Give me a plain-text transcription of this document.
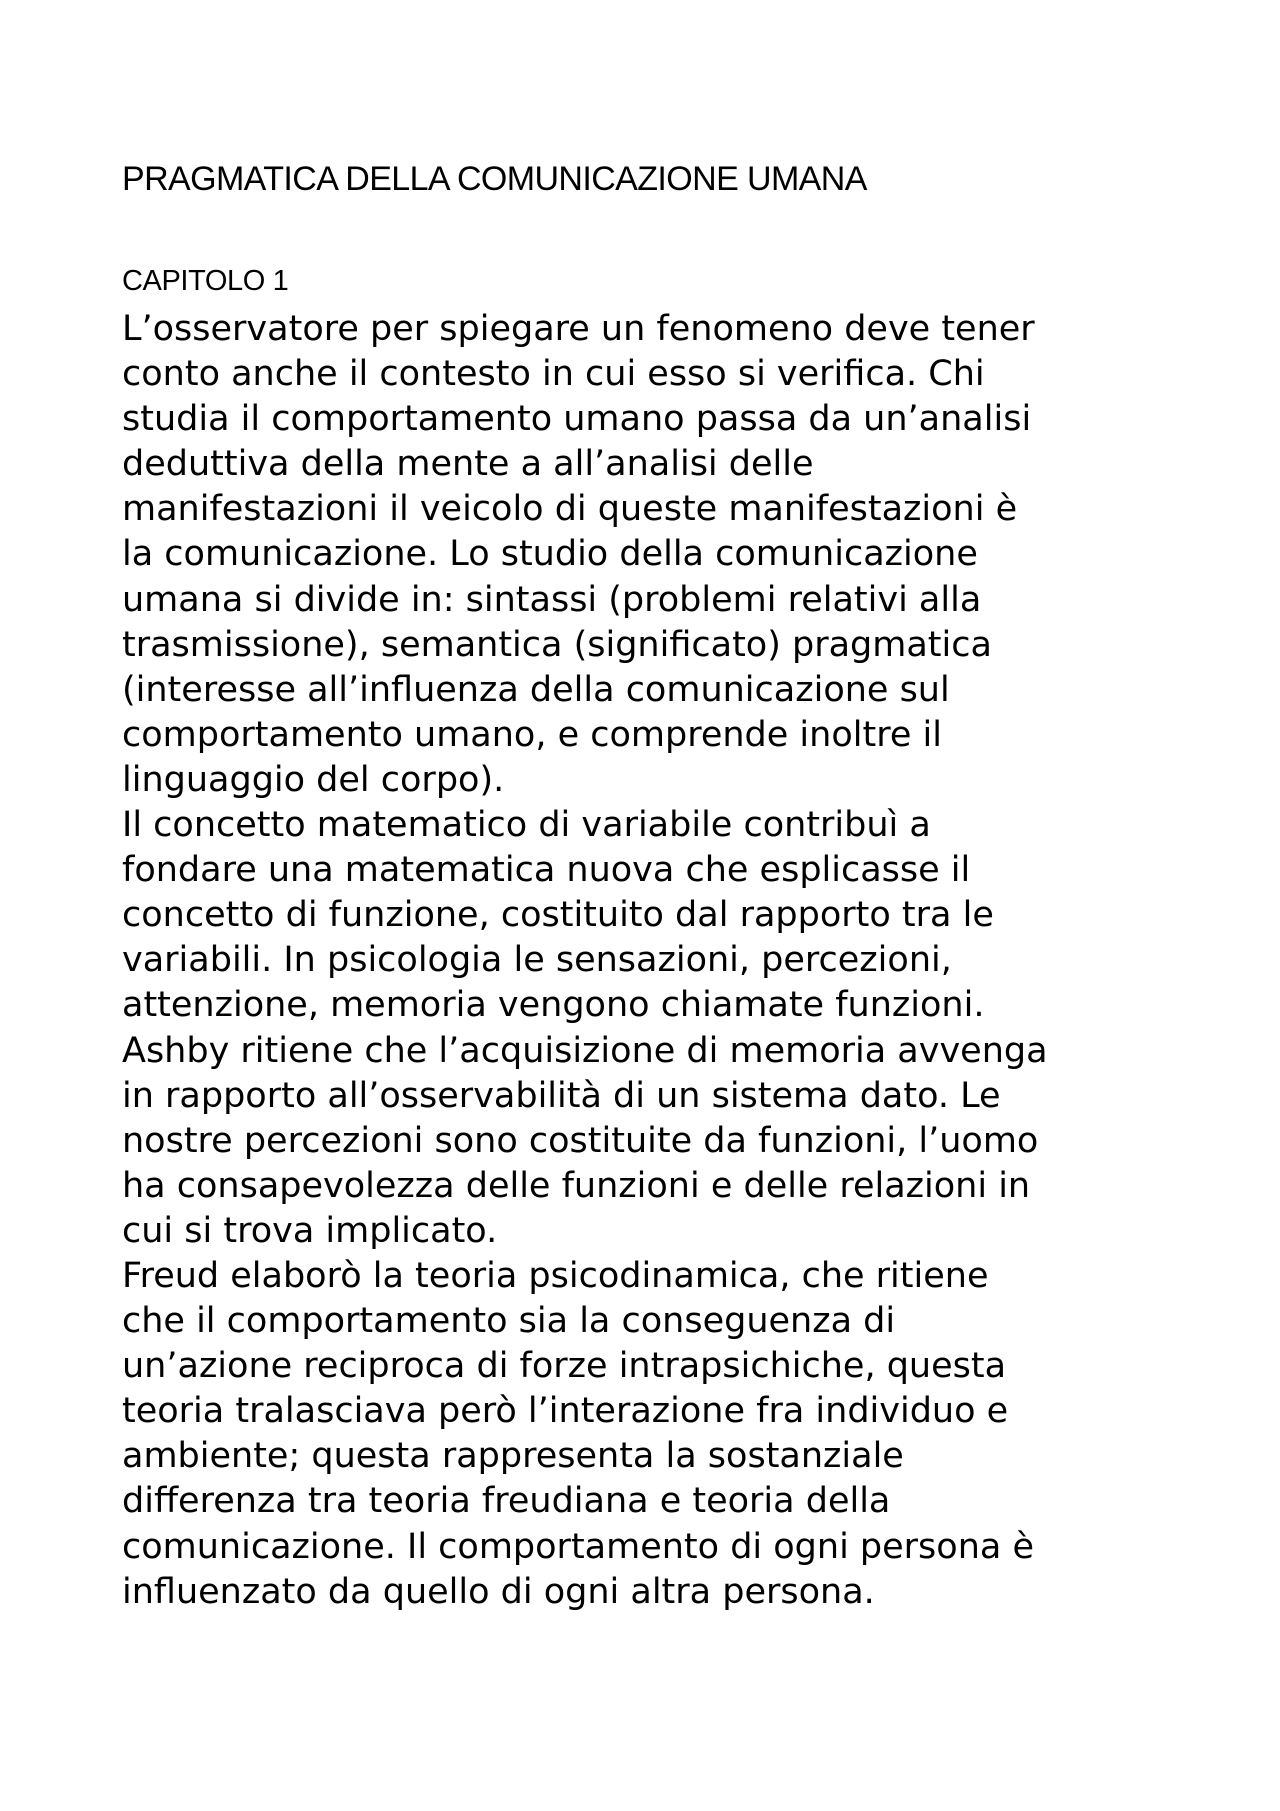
PRAGMATICA DELLA COMUNICAZIONE UMANA
CAPITOLO 1
L’osservatore per spiegare un fenomeno deve tener
conto anche il contesto in cui esso si verifica. Chi
studia il comportamento umano passa da un’analisi
deduttiva della mente a all’analisi delle
manifestazioni il veicolo di queste manifestazioni è
la comunicazione. Lo studio della comunicazione
umana si divide in: sintassi (problemi relativi alla
trasmissione), semantica (significato) pragmatica
(interesse all’influenza della comunicazione sul
comportamento umano, e comprende inoltre il
linguaggio del corpo).
Il concetto matematico di variabile contribuì a
fondare una matematica nuova che esplicasse il
concetto di funzione, costituito dal rapporto tra le
variabili. In psicologia le sensazioni, percezioni,
attenzione, memoria vengono chiamate funzioni.
Ashby ritiene che l’acquisizione di memoria avvenga
in rapporto all’osservabilità di un sistema dato. Le
nostre percezioni sono costituite da funzioni, l’uomo
ha consapevolezza delle funzioni e delle relazioni in
cui si trova implicato.
Freud elaborò la teoria psicodinamica, che ritiene
che il comportamento sia la conseguenza di
un’azione reciproca di forze intrapsichiche, questa
teoria tralasciava però l’interazione fra individuo e
ambiente; questa rappresenta la sostanziale
differenza tra teoria freudiana e teoria della
comunicazione. Il comportamento di ogni persona è
influenzato da quello di ogni altra persona.
